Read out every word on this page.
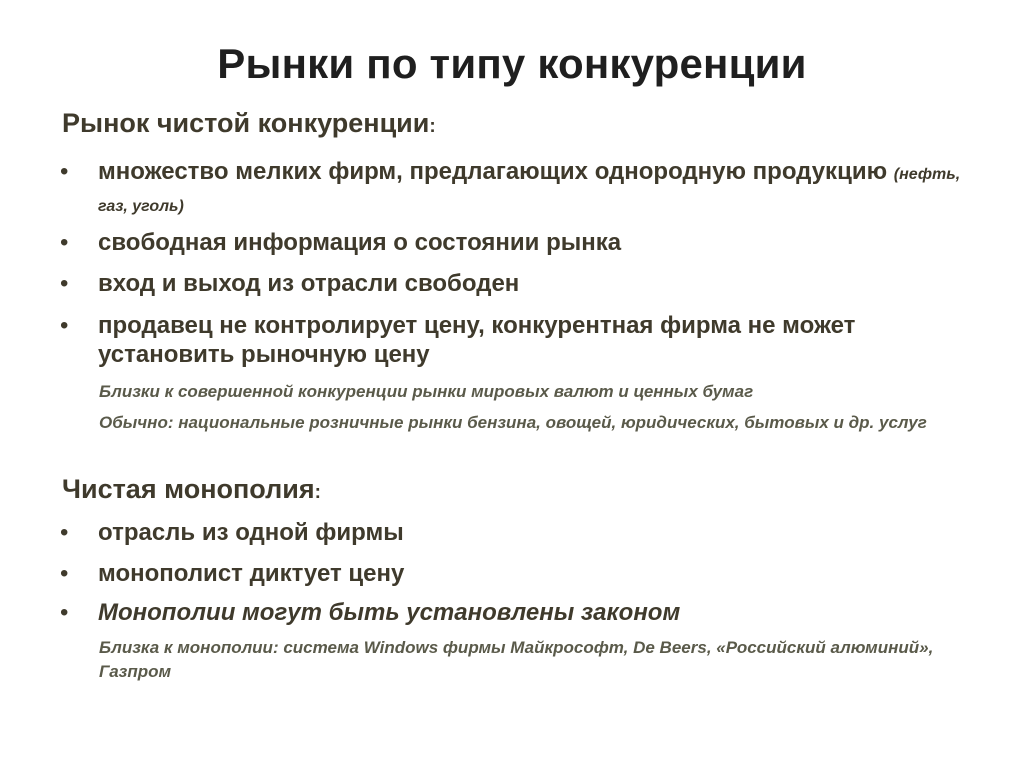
Рынки по типу конкуренции
Рынок чистой конкуренции:
•	множество мелких фирм, предлагающих однородную продукцию (нефть, газ, уголь)
•	свободная информация о состоянии рынка
•	вход и выход из отрасли свободен
•	продавец не контролирует цену, конкурентная фирма не может установить рыночную цену
Близки к совершенной конкуренции рынки мировых валют и ценных бумаг
Обычно: национальные розничные рынки бензина, овощей, юридических, бытовых и др. услуг
Чистая монополия:
•	отрасль из одной фирмы
•	монополист диктует цену
•	Монополии могут быть установлены законом
Близка к монополии: система Windows фирмы Майкрософт, De Beers, «Российский алюминий», Газпром
